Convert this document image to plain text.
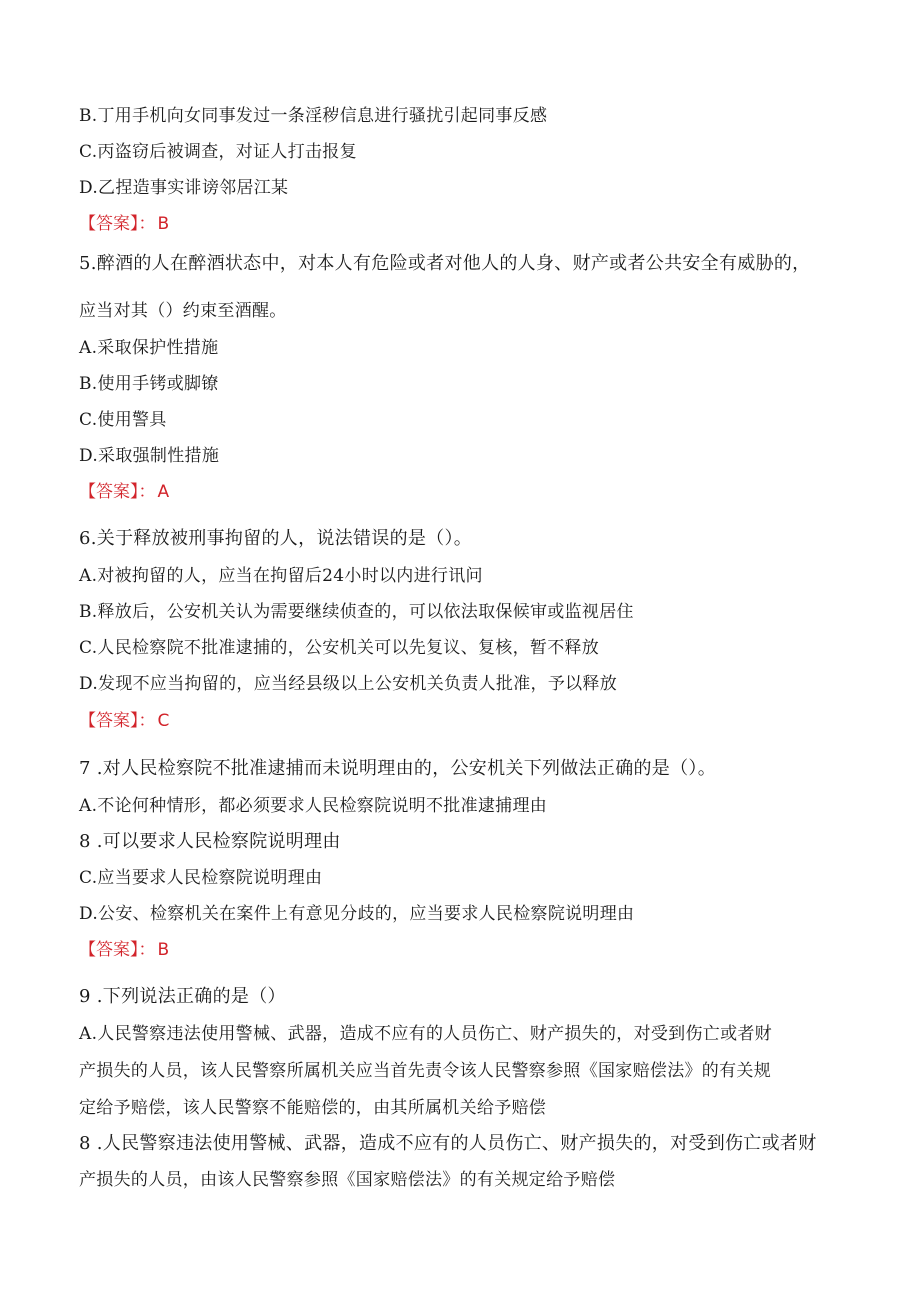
B.丁用手机向女同事发过一条淫秽信息进行骚扰引起同事反感
C.丙盗窃后被调查，对证人打击报复
D.乙捏造事实诽谤邻居江某
【答案】： B
5.醉酒的人在醉酒状态中，对本人有危险或者对他人的人身、财产或者公共安全有威胁的，
应当对其（）约束至酒醒。
A.采取保护性措施
B.使用手铐或脚镣
C.使用警具
D.采取强制性措施
【答案】： A
6.关于释放被刑事拘留的人，说法错误的是（）。
A.对被拘留的人，应当在拘留后24小时以内进行讯问
B.释放后，公安机关认为需要继续侦查的，可以依法取保候审或监视居住
C.人民检察院不批准逮捕的，公安机关可以先复议、复核，暂不释放
D.发现不应当拘留的，应当经县级以上公安机关负责人批准，予以释放
【答案】： C
7 .对人民检察院不批准逮捕而未说明理由的，公安机关下列做法正确的是（）。
A.不论何种情形，都必须要求人民检察院说明不批准逮捕理由
8 .可以要求人民检察院说明理由
C.应当要求人民检察院说明理由
D.公安、检察机关在案件上有意见分歧的，应当要求人民检察院说明理由
【答案】： B
9 .下列说法正确的是（）
A.人民警察违法使用警械、武器，造成不应有的人员伤亡、财产损失的，对受到伤亡或者财
产损失的人员，该人民警察所属机关应当首先责令该人民警察参照《国家赔偿法》的有关规
定给予赔偿，该人民警察不能赔偿的，由其所属机关给予赔偿
8 .人民警察违法使用警械、武器，造成不应有的人员伤亡、财产损失的，对受到伤亡或者财
产损失的人员，由该人民警察参照《国家赔偿法》的有关规定给予赔偿
